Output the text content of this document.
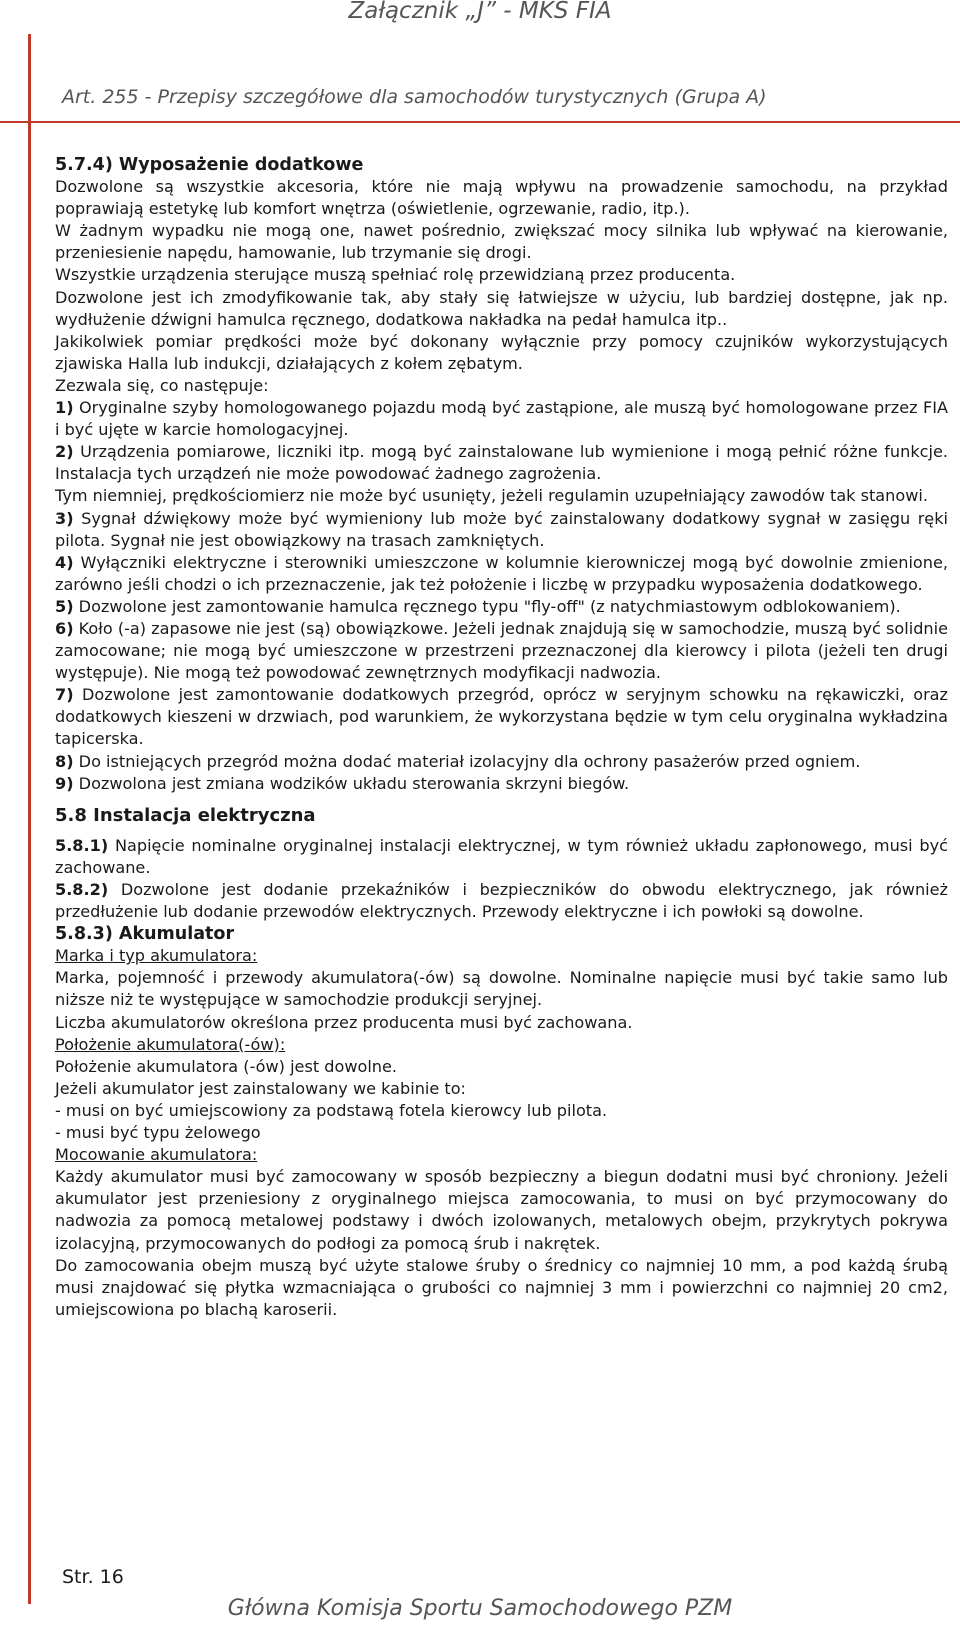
Załącznik „J” - MKS FIA
Art. 255 - Przepisy szczegółowe dla samochodów turystycznych (Grupa A)

5.7.4) Wyposażenie dodatkowe

Dozwolone są wszystkie akcesoria, które nie mają wpływu na prowadzenie samochodu, na przykład poprawiają estetykę lub komfort wnętrza (oświetlenie, ogrzewanie, radio, itp.).

W żadnym wypadku nie mogą one, nawet pośrednio, zwiększać mocy silnika lub wpływać na kierowanie, przeniesienie napędu, hamowanie, lub trzymanie się drogi.

Wszystkie urządzenia sterujące muszą spełniać rolę przewidzianą przez producenta.

Dozwolone jest ich zmodyfikowanie tak, aby stały się łatwiejsze w użyciu, lub bardziej dostępne, jak np. wydłużenie dźwigni hamulca ręcznego, dodatkowa nakładka na pedał hamulca itp..

Jakikolwiek pomiar prędkości może być dokonany wyłącznie przy pomocy czujników wykorzystujących zjawiska Halla lub indukcji, działających z kołem zębatym.

Zezwala się, co następuje:

1) Oryginalne szyby homologowanego pojazdu modą być zastąpione, ale muszą być homologowane przez FIA i być ujęte w karcie homologacyjnej.

2) Urządzenia pomiarowe, liczniki itp. mogą być zainstalowane lub wymienione i mogą pełnić różne funkcje. Instalacja tych urządzeń nie może powodować żadnego zagrożenia.

Tym niemniej, prędkościomierz nie może być usunięty, jeżeli regulamin uzupełniający zawodów tak stanowi.

3) Sygnał dźwiękowy może być wymieniony lub może być zainstalowany dodatkowy sygnał w zasięgu ręki pilota. Sygnał nie jest obowiązkowy na trasach zamkniętych.

4) Wyłączniki elektryczne i sterowniki umieszczone w kolumnie kierowniczej mogą być dowolnie zmienione, zarówno jeśli chodzi o ich przeznaczenie, jak też położenie i liczbę w przypadku wyposażenia dodatkowego.

5) Dozwolone jest zamontowanie hamulca ręcznego typu "fly-off" (z natychmiastowym odblokowaniem).

6) Koło (-a) zapasowe nie jest (są) obowiązkowe. Jeżeli jednak znajdują się w samochodzie, muszą być solidnie zamocowane; nie mogą być umieszczone w przestrzeni przeznaczonej dla kierowcy i pilota (jeżeli ten drugi występuje). Nie mogą też powodować zewnętrznych modyfikacji nadwozia.

7) Dozwolone jest zamontowanie dodatkowych przegród, oprócz w seryjnym schowku na rękawiczki, oraz dodatkowych kieszeni w drzwiach, pod warunkiem, że wykorzystana będzie w tym celu oryginalna wykładzina tapicerska.

8) Do istniejących przegród można dodać materiał izolacyjny dla ochrony pasażerów przed ogniem.

9) Dozwolona jest zmiana wodzików układu sterowania skrzyni biegów.

5.8 Instalacja elektryczna

5.8.1) Napięcie nominalne oryginalnej instalacji elektrycznej, w tym również układu zapłonowego, musi być zachowane.

5.8.2) Dozwolone jest dodanie przekaźników i bezpieczników do obwodu elektrycznego, jak również przedłużenie lub dodanie przewodów elektrycznych. Przewody elektryczne i ich powłoki są dowolne.

5.8.3) Akumulator

Marka i typ akumulatora:

Marka, pojemność i przewody akumulatora(-ów) są dowolne. Nominalne napięcie musi być takie samo lub niższe niż te występujące w samochodzie produkcji seryjnej.

Liczba akumulatorów określona przez producenta musi być zachowana.

Położenie akumulatora(-ów):

Położenie akumulatora (-ów) jest dowolne.

Jeżeli akumulator jest zainstalowany we kabinie to:

- musi on być umiejscowiony za podstawą fotela kierowcy lub pilota.

- musi być typu żelowego

Mocowanie akumulatora:

Każdy akumulator musi być zamocowany w sposób bezpieczny a biegun dodatni musi być chroniony. Jeżeli akumulator jest przeniesiony z oryginalnego miejsca zamocowania, to musi on być przymocowany do nadwozia za pomocą metalowej podstawy i dwóch izolowanych, metalowych obejm, przykrytych pokrywa izolacyjną, przymocowanych do podłogi za pomocą śrub i nakrętek.

Do zamocowania obejm muszą być użyte stalowe śruby o średnicy co najmniej 10 mm, a pod każdą śrubą musi znajdować się płytka wzmacniająca o grubości co najmniej 3 mm i powierzchni co najmniej 20 cm2, umiejscowiona po blachą karoserii.

Str. 16
Główna Komisja Sportu Samochodowego PZM
